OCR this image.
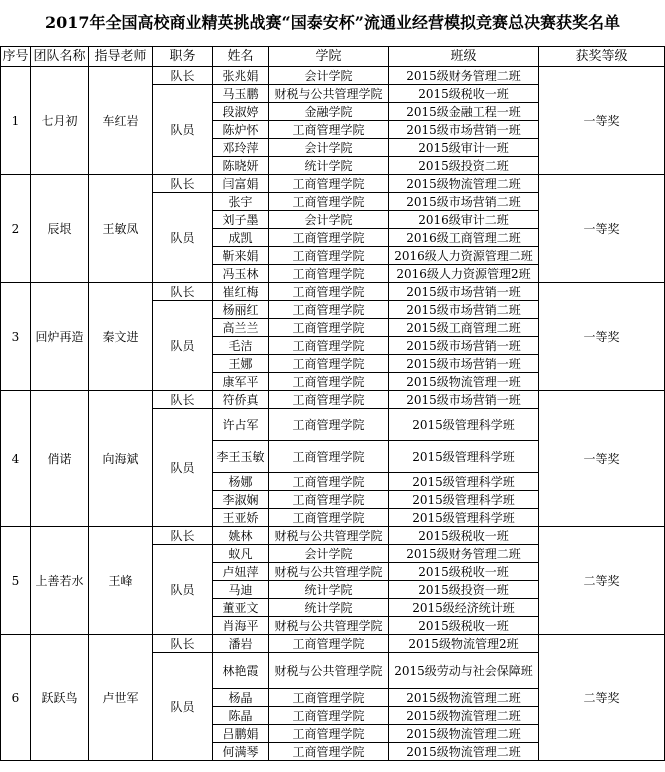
2017年全国高校商业精英挑战赛“国泰安杯”流通业经营模拟竞赛总决赛获奖名单
序号	团队名称	指导老师	职务	姓名	学院	班级	获奖等级
1	七月初	车红岩	队长	张兆娟	会计学院	2015级财务管理二班	一等奖
			队员	马玉鹏	财税与公共管理学院	2015级税收一班	
				段淑婷	金融学院	2015级金融工程一班	
				陈炉怀	工商管理学院	2015级市场营销一班	
				邓玲萍	会计学院	2015级审计一班	
				陈晓妍	统计学院	2015级投资二班	
2	辰垠	王敏凤	队长	闫富娟	工商管理学院	2015级物流管理二班	一等奖
			队员	张宇	工商管理学院	2015级市场营销二班	
				刘子墨	会计学院	2016级审计二班	
				成凯	工商管理学院	2016级工商管理二班	
				靳来娟	工商管理学院	2016级人力资源管理二班	
				冯玉林	工商管理学院	2016级人力资源管理2班	
3	回炉再造	秦文进	队长	崔红梅	工商管理学院	2015级市场营销一班	一等奖
			队员	杨丽红	工商管理学院	2015级市场营销二班	
				高兰兰	工商管理学院	2015级工商管理二班	
				毛洁	工商管理学院	2015级市场营销一班	
				王娜	工商管理学院	2015级市场营销一班	
				康军平	工商管理学院	2015级物流管理一班	
4	俏诺	向海斌	队长	符侨真	工商管理学院	2015级市场营销一班	一等奖
			队员	许占军	工商管理学院	2015级管理科学班	
				李王玉敏	工商管理学院	2015级管理科学班	
				杨娜	工商管理学院	2015级管理科学班	
				李淑娴	工商管理学院	2015级管理科学班	
				王亚娇	工商管理学院	2015级管理科学班	
5	上善若水	王峰	队长	姚林	财税与公共管理学院	2015级税收一班	二等奖
			队员	蚁凡	会计学院	2015级财务管理二班	
				卢妞萍	财税与公共管理学院	2015级税收一班	
				马迪	统计学院	2015级投资一班	
				董亚文	统计学院	2015级经济统计班	
				肖海平	财税与公共管理学院	2015级税收一班	
6	跃跃鸟	卢世军	队长	潘岩	工商管理学院	2015级物流管理2班	二等奖
			队员	林艳霞	财税与公共管理学院	2015级劳动与社会保障班	
				杨晶	工商管理学院	2015级物流管理二班	
				陈晶	工商管理学院	2015级物流管理二班	
				吕鹏娟	工商管理学院	2015级物流管理二班	
				何满琴	工商管理学院	2015级物流管理二班	
